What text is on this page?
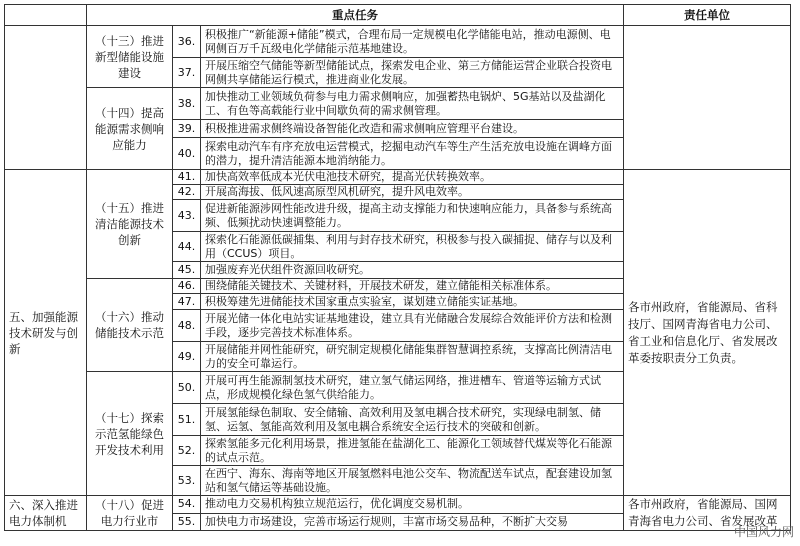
	重点任务			责任单位
	（十三）推进新型储能设施建设	36.	积极推广“新能源+储能”模式，合理布局一定规模电化学储能电站，推动电源侧、电网侧百万千瓦级电化学储能示范基地建设。	
		37.	开展压缩空气储能等新型储能试点，探索发电企业、第三方储能运营企业联合投资电网侧共享储能运行模式，推进商业化发展。	
	（十四）提高能源需求侧响应能力	38.	加快推动工业领域负荷参与电力需求侧响应，加强蓄热电锅炉、5G基站以及盐湖化工、有色等高载能行业中间歇负荷的需求侧管理。	
		39.	积极推进需求侧终端设备智能化改造和需求侧响应管理平台建设。	
		40.	探索电动汽车有序充放电运营模式，挖掘电动汽车等生产生活充放电设施在调峰方面的潜力，提升清洁能源本地消纳能力。	
五、加强能源技术研发与创新	（十五）推进清洁能源技术创新	41.	加快高效率低成本光伏电池技术研究，提高光伏转换效率。	各市州政府，省能源局、省科技厅、国网青海省电力公司、省工业和信息化厅、省发展改革委按职责分工负责。
		42.	开展高海拔、低风速高原型风机研究，提升风电效率。	
		43.	促进新能源涉网性能改进升级，提高主动支撑能力和快速响应能力，具备参与系统高频、低频扰动快速调整能力。	
		44.	探索化石能源低碳捕集、利用与封存技术研究，积极参与投入碳捕捉、储存与以及利用（CCUS）项目。	
		45.	加强废弃光伏组件资源回收研究。	
	（十六）推动储能技术示范	46.	围绕储能关键技术、关键材料，开展技术研发，建立储能相关标准体系。	
		47.	积极筹建先进储能技术国家重点实验室，谋划建立储能实证基地。	
		48.	开展光储一体化电站实证基地建设，建立具有光储融合发展综合效能评价方法和检测手段，逐步完善技术标准体系。	
		49.	开展储能并网性能研究，研究制定规模化储能集群智慧调控系统，支撑高比例清洁电力的安全可靠运行。	
	（十七）探索示范氢能绿色开发技术利用	50.	开展可再生能源制氢技术研究，建立氢气储运网络，推进槽车、管道等运输方式试点，形成规模化绿色氢气供给能力。	
		51.	开展氢能绿色制取、安全储输、高效利用及氢电耦合技术研究，实现绿电制氢、储氢、运氢、氢能高效利用及氢电耦合系统安全运行技术的突破和创新。	
		52.	探索氢能多元化利用场景，推进氢能在盐湖化工、能源化工领域替代煤炭等化石能源的试点示范。	
		53.	在西宁、海东、海南等地区开展氢燃料电池公交车、物流配送车试点，配套建设加氢站和氢气储运等基础设施。	
六、深入推进电力体制机	（十八）促进电力行业市	54.	推动电力交易机构独立规范运行，优化调度交易机制。	各市州政府，省能源局、国网青海省电力公司、省发展改革
		55.	加快电力市场建设，完善市场运行规则，丰富市场交易品种，不断扩大交易	
中国风力网
